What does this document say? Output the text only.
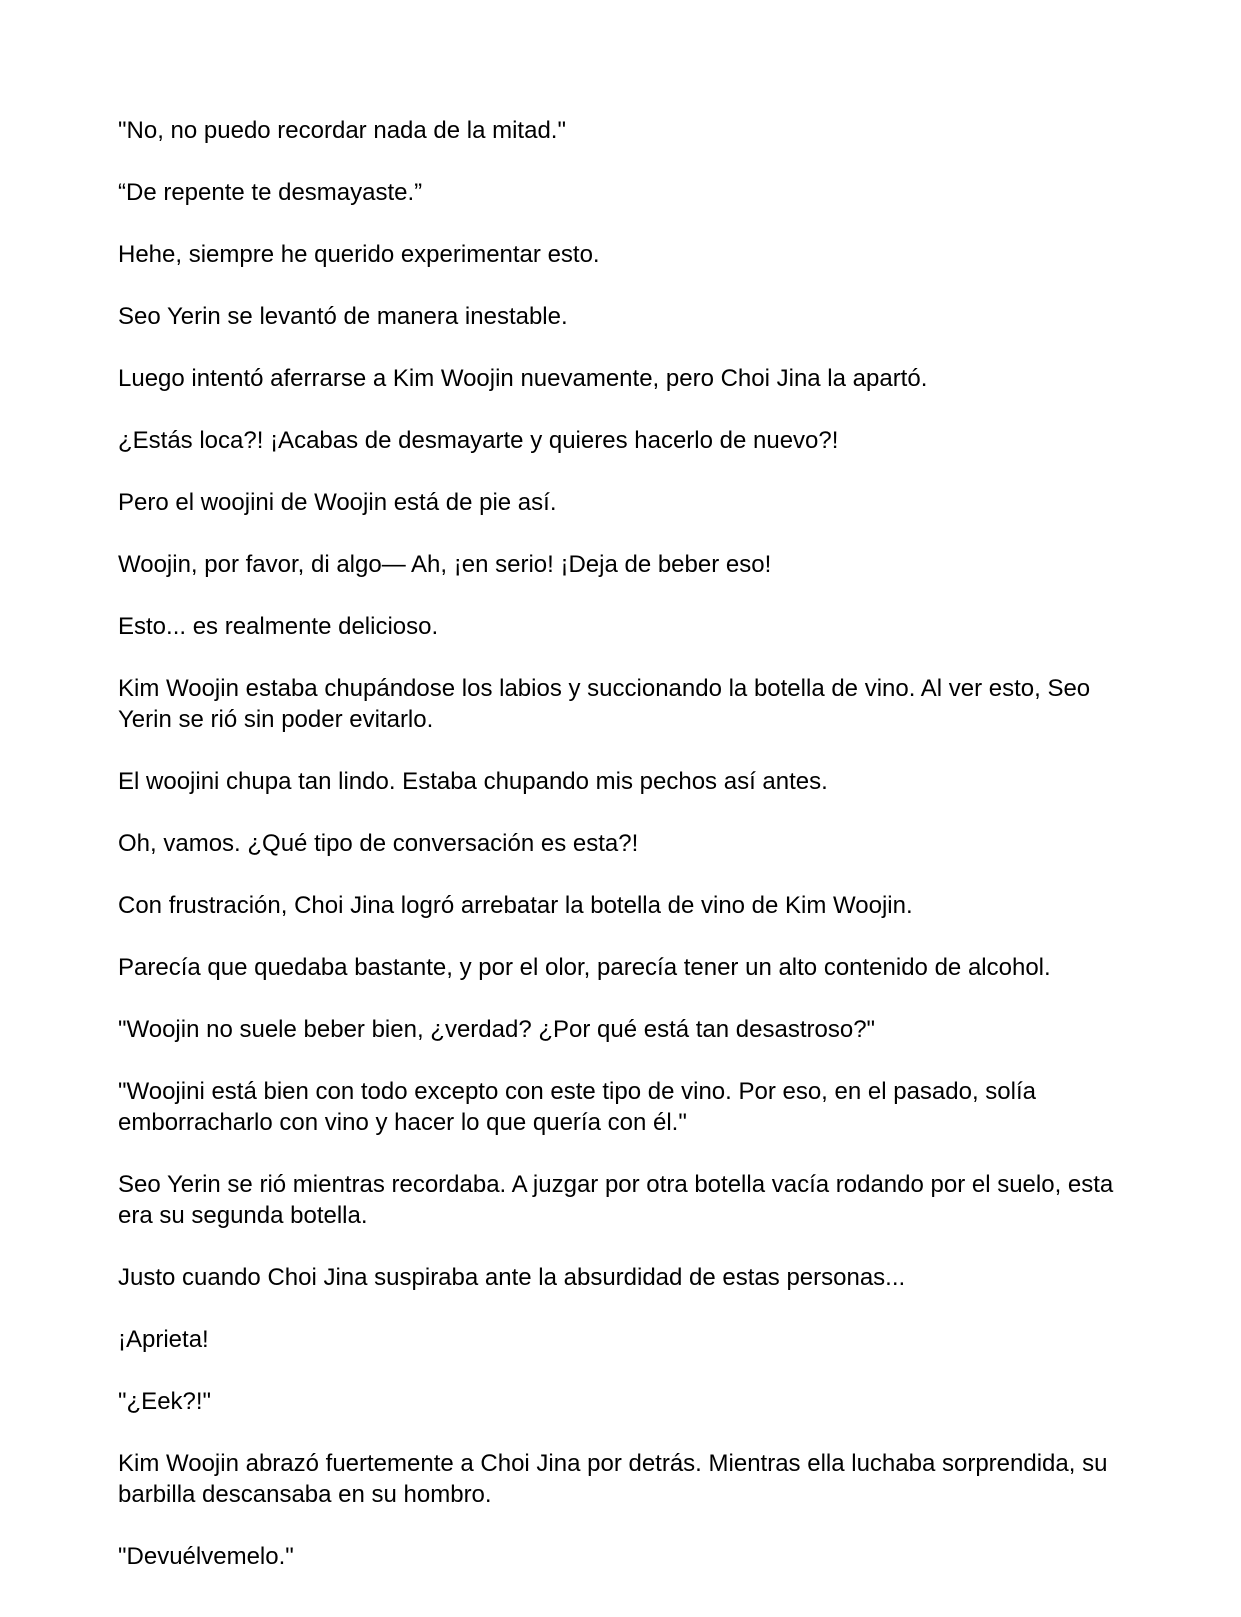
"No, no puedo recordar nada de la mitad."

“De repente te desmayaste.”

Hehe, siempre he querido experimentar esto.

Seo Yerin se levantó de manera inestable.

Luego intentó aferrarse a Kim Woojin nuevamente, pero Choi Jina la apartó.

¿Estás loca?! ¡Acabas de desmayarte y quieres hacerlo de nuevo?!

Pero el woojini de Woojin está de pie así.

Woojin, por favor, di algo— Ah, ¡en serio! ¡Deja de beber eso!

Esto... es realmente delicioso.

Kim Woojin estaba chupándose los labios y succionando la botella de vino. Al ver esto, Seo Yerin se rió sin poder evitarlo.

El woojini chupa tan lindo. Estaba chupando mis pechos así antes.

Oh, vamos. ¿Qué tipo de conversación es esta?!

Con frustración, Choi Jina logró arrebatar la botella de vino de Kim Woojin.

Parecía que quedaba bastante, y por el olor, parecía tener un alto contenido de alcohol.

"Woojin no suele beber bien, ¿verdad? ¿Por qué está tan desastroso?"

"Woojini está bien con todo excepto con este tipo de vino. Por eso, en el pasado, solía emborracharlo con vino y hacer lo que quería con él."

Seo Yerin se rió mientras recordaba. A juzgar por otra botella vacía rodando por el suelo, esta era su segunda botella.

Justo cuando Choi Jina suspiraba ante la absurdidad de estas personas...

¡Aprieta!

"¿Eek?!"

Kim Woojin abrazó fuertemente a Choi Jina por detrás. Mientras ella luchaba sorprendida, su barbilla descansaba en su hombro.

"Devuélvemelo."
